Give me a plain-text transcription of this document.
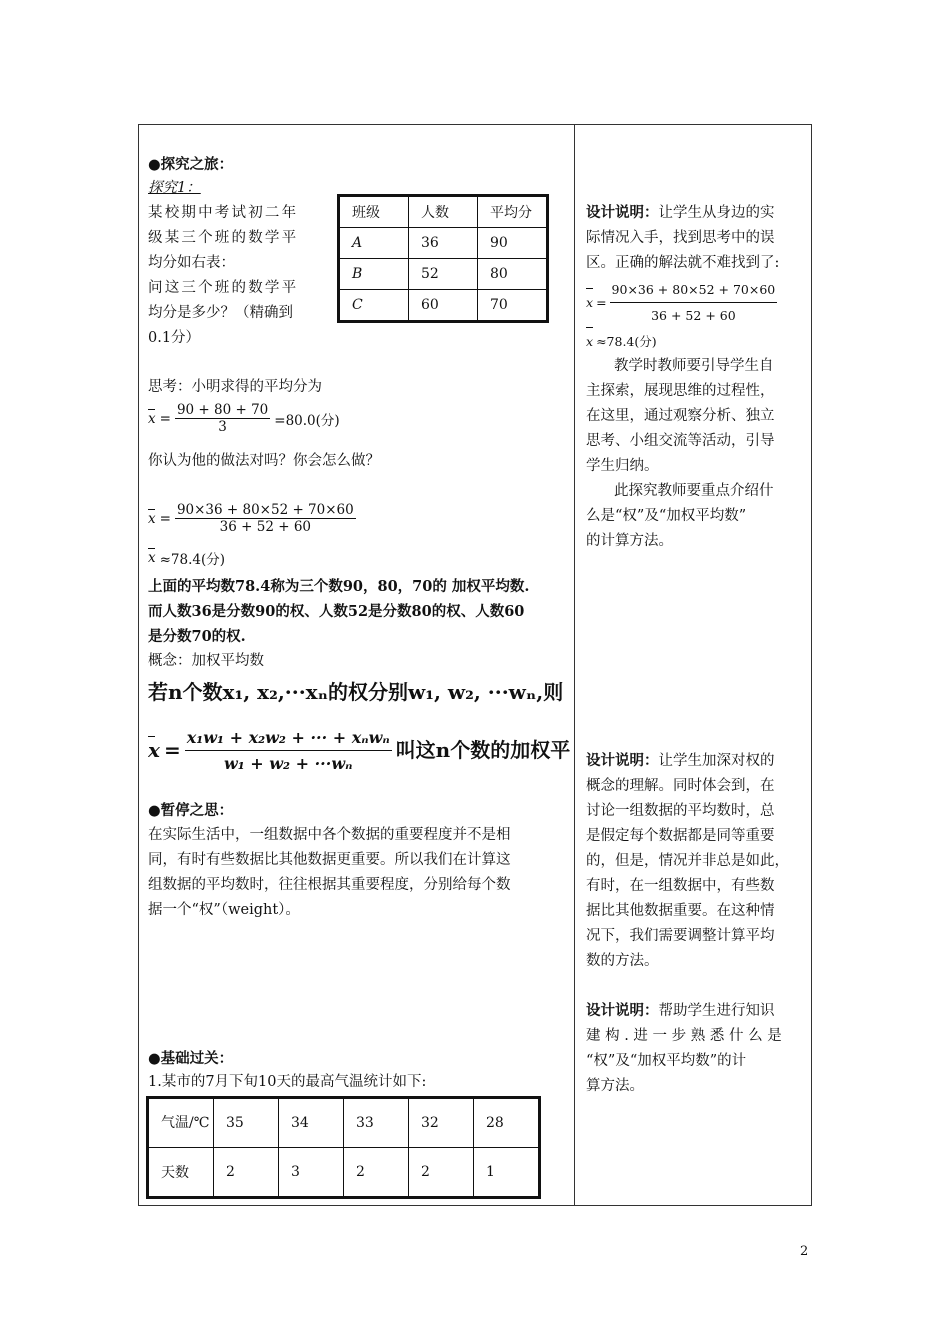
●探究之旅：
探究1：
某校期中考试初二年
级某三个班的数学平
均分如右表：
问这三个班的数学平
均分是多少？（精确到
0.1分）
班级	人数	平均分
A	36	90
B	52	80
C	60	70
思考：小明求得的平均分为
$x = \frac{90 + 80 + 70}{3} =80.0$(分)
你认为他的做法对吗？你会怎么做？
$x = \frac{90\times 36 + 80\times 52 + 70\times 60}{36 + 52 + 60}$
x ≈78.4(分)
上面的平均数78.4称为三个数90，80，70的 加权平均数.
而人数36是分数90的权、人数52是分数80的权、人数60
是分数70的权.
概念：加权平均数
若n个数x₁, x₂,···xₙ的权分别w₁, w₂, ···wₙ,则
$x = \frac{\text{x₁w₁ + x₂w₂ + ··· + xₙwₙ}}{\text{w₁ + w₂ + ···wₙ}}$ 叫这n个数的加权平
●暂停之思：
在实际生活中，一组数据中各个数据的重要程度并不是相
同，有时有些数据比其他数据更重要。所以我们在计算这
组数据的平均数时，往往根据其重要程度，分别给每个数
据一个“权”（weight）。
●基础过关：
1.某市的7月下旬10天的最高气温统计如下:
气温/℃	35	34	33	32	28
天数	2	3	2	2	1
设计说明：让学生从身边的实
际情况入手，找到思考中的误
区。正确的解法就不难找到了:
$x = \frac{90\times 36 + 80\times 52 + 70\times 60}{36 + 52 + 60}$
x ≈78.4(分)
教学时教师要引导学生自
主探索，展现思维的过程性，
在这里，通过观察分析、独立
思考、小组交流等活动，引导
学生归纳。
此探究教师要重点介绍什
么是“权”及“加权平均数”
的计算方法。
设计说明：让学生加深对权的
概念的理解。同时体会到，在
讨论一组数据的平均数时，总
是假定每个数据都是同等重要
的，但是，情况并非总是如此，
有时，在一组数据中，有些数
据比其他数据重要。在这种情
况下，我们需要调整计算平均
数的方法。
设计说明：帮助学生进行知识
建 构 . 进 一 步 熟 悉 什 么 是
“权”及“加权平均数”的计
算方法。
2
